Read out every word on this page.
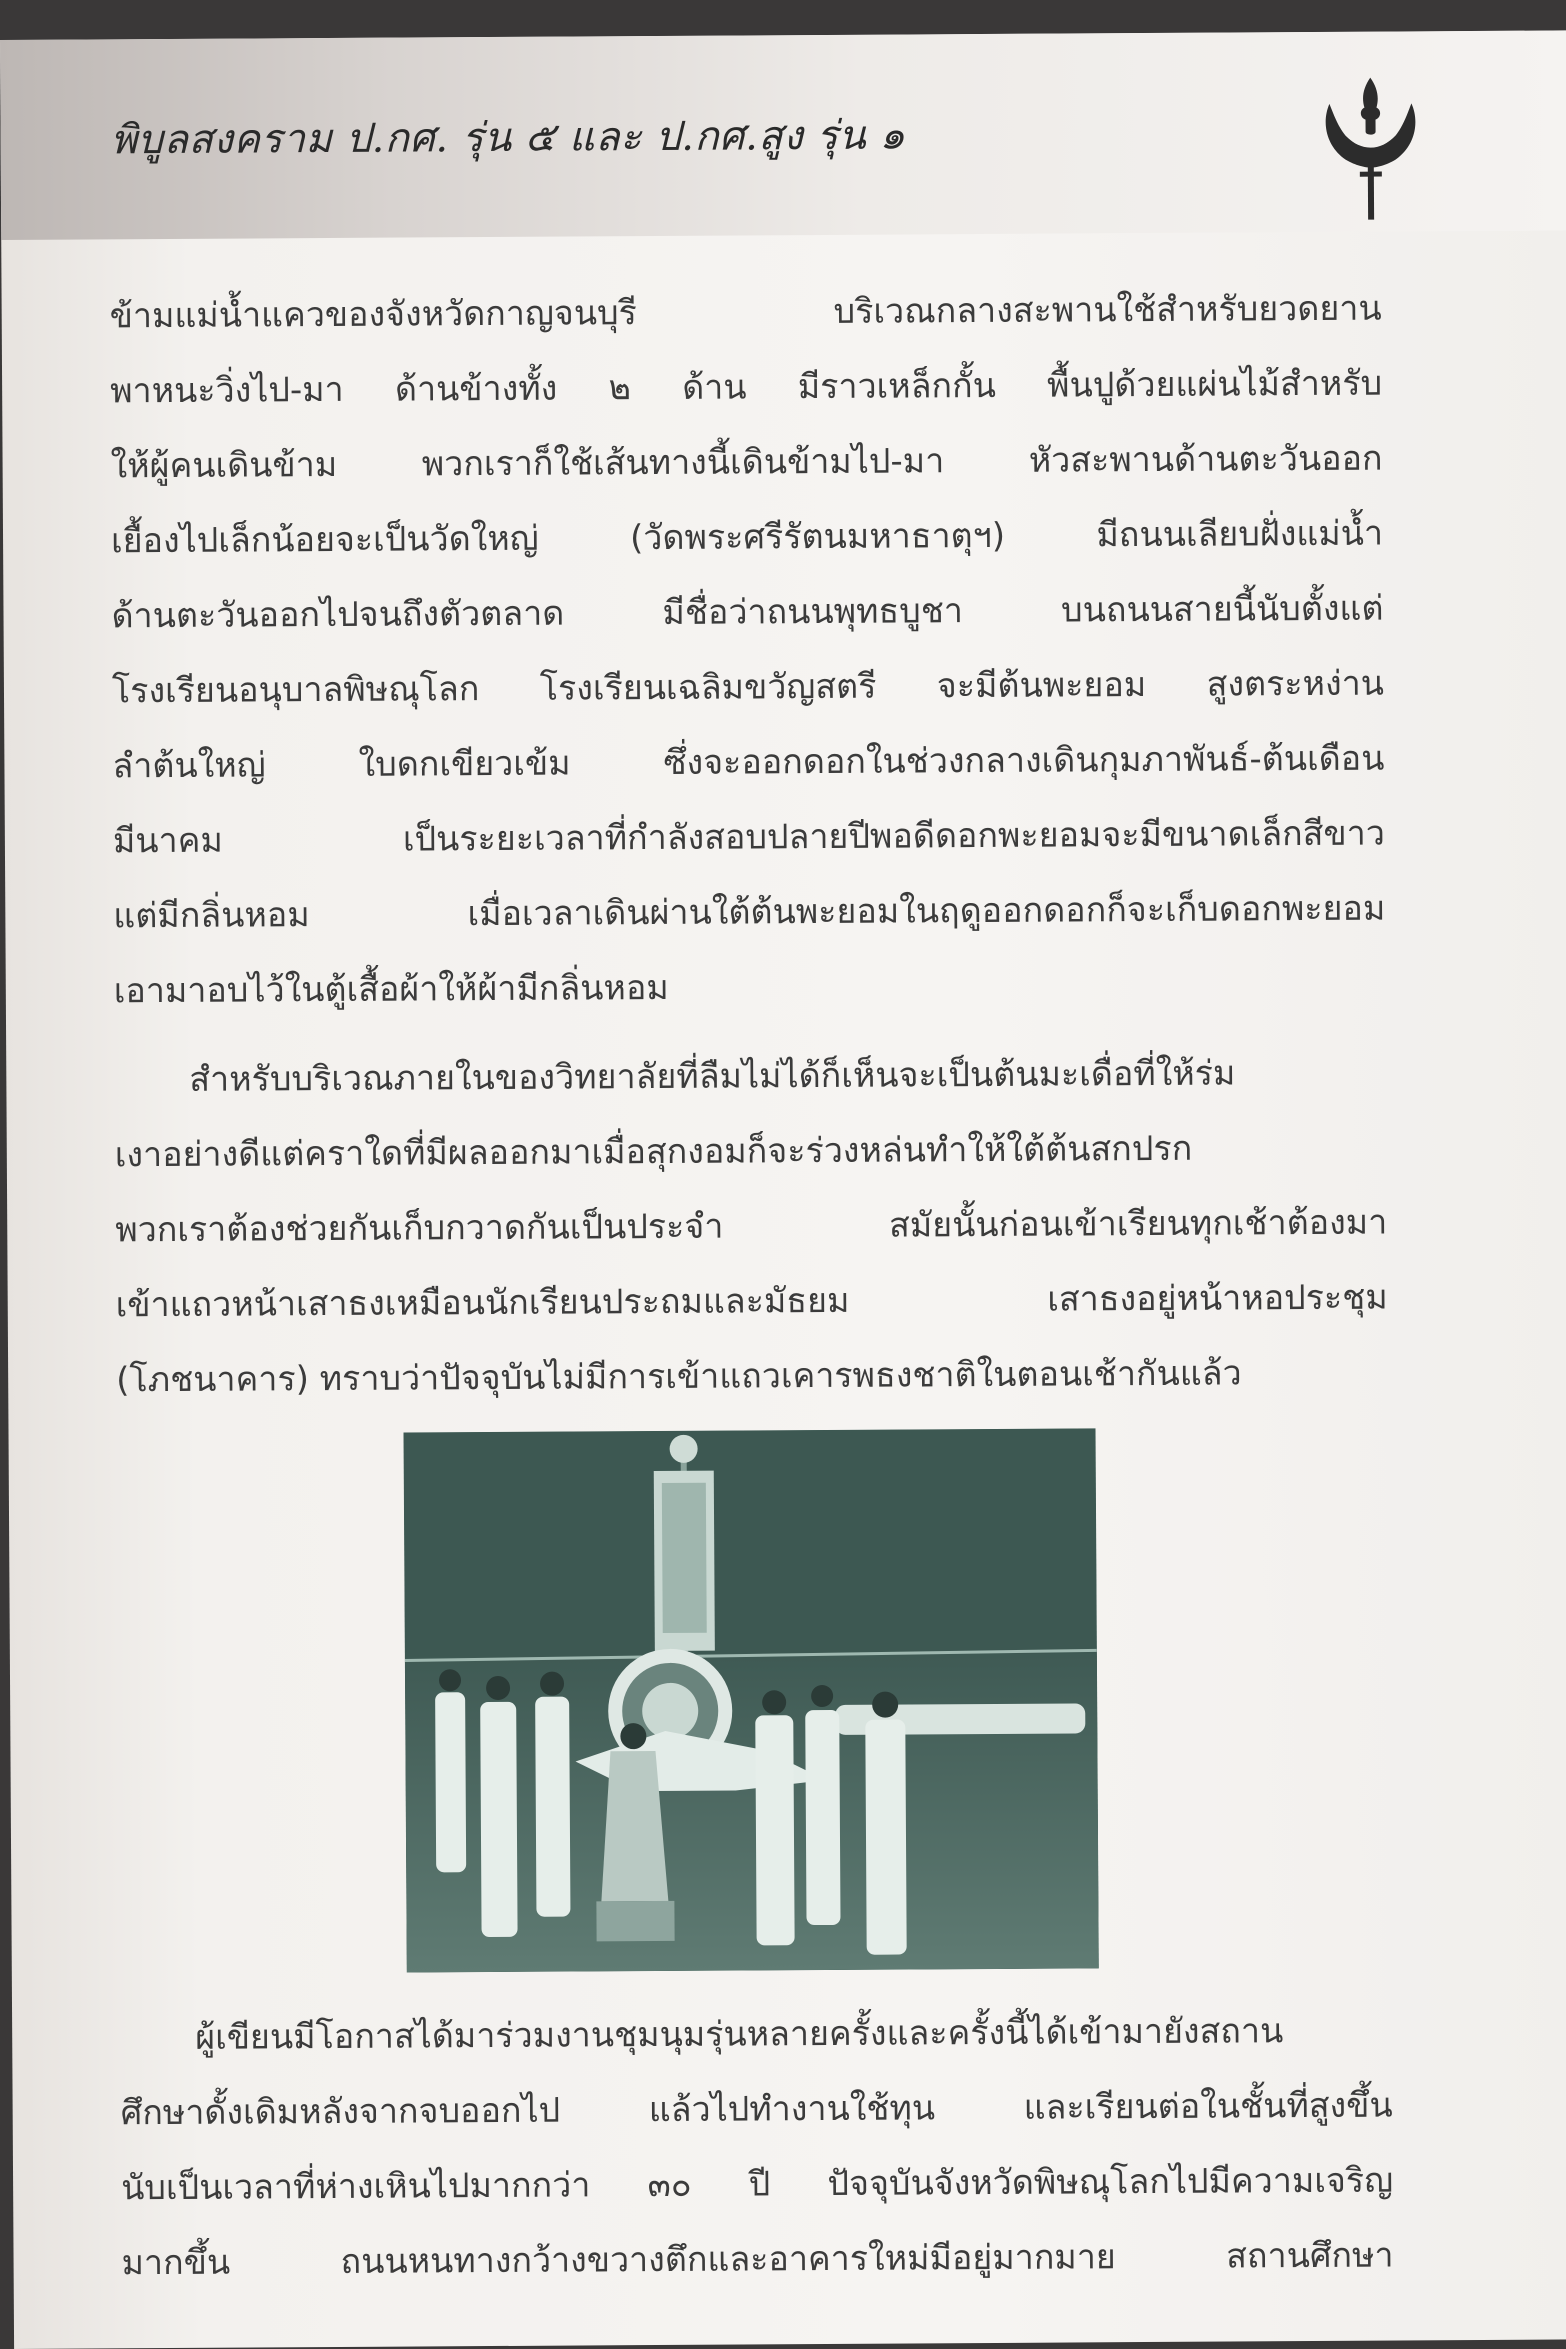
พิบูลสงคราม ป.กศ. รุ่น ๕ และ ป.กศ.สูง รุ่น ๑
ข้ามแม่น้ำแควของจังหวัดกาญจนบุรี บริเวณกลางสะพานใช้สำหรับยวดยาน
พาหนะวิ่งไป-มา ด้านข้างทั้ง ๒ ด้าน มีราวเหล็กกั้น พื้นปูด้วยแผ่นไม้สำหรับ
ให้ผู้คนเดินข้าม พวกเราก็ใช้เส้นทางนี้เดินข้ามไป-มา หัวสะพานด้านตะวันออก
เยื้องไปเล็กน้อยจะเป็นวัดใหญ่ (วัดพระศรีรัตนมหาธาตุฯ) มีถนนเลียบฝั่งแม่น้ำ
ด้านตะวันออกไปจนถึงตัวตลาด มีชื่อว่าถนนพุทธบูชา บนถนนสายนี้นับตั้งแต่
โรงเรียนอนุบาลพิษณุโลก โรงเรียนเฉลิมขวัญสตรี จะมีต้นพะยอม สูงตระหง่าน
ลำต้นใหญ่ ใบดกเขียวเข้ม ซึ่งจะออกดอกในช่วงกลางเดินกุมภาพันธ์-ต้นเดือน
มีนาคม เป็นระยะเวลาที่กำลังสอบปลายปีพอดีดอกพะยอมจะมีขนาดเล็กสีขาว
แต่มีกลิ่นหอม เมื่อเวลาเดินผ่านใต้ต้นพะยอมในฤดูออกดอกก็จะเก็บดอกพะยอม
เอามาอบไว้ในตู้เสื้อผ้าให้ผ้ามีกลิ่นหอม
สำหรับบริเวณภายในของวิทยาลัยที่ลืมไม่ได้ก็เห็นจะเป็นต้นมะเดื่อที่ให้ร่ม
เงาอย่างดีแต่คราใดที่มีผลออกมาเมื่อสุกงอมก็จะร่วงหล่นทำให้ใต้ต้นสกปรก
พวกเราต้องช่วยกันเก็บกวาดกันเป็นประจำ สมัยนั้นก่อนเข้าเรียนทุกเช้าต้องมา
เข้าแถวหน้าเสาธงเหมือนนักเรียนประถมและมัธยม เสาธงอยู่หน้าหอประชุม
(โภชนาคาร) ทราบว่าปัจจุบันไม่มีการเข้าแถวเคารพธงชาติในตอนเช้ากันแล้ว
ผู้เขียนมีโอกาสได้มาร่วมงานชุมนุมรุ่นหลายครั้งและครั้งนี้ได้เข้ามายังสถาน
ศึกษาดั้งเดิมหลังจากจบออกไป แล้วไปทำงานใช้ทุน และเรียนต่อในชั้นที่สูงขึ้น
นับเป็นเวลาที่ห่างเหินไปมากกว่า ๓๐ ปี ปัจจุบันจังหวัดพิษณุโลกไปมีความเจริญ
มากขึ้น ถนนหนทางกว้างขวางตึกและอาคารใหม่มีอยู่มากมาย สถานศึกษา
